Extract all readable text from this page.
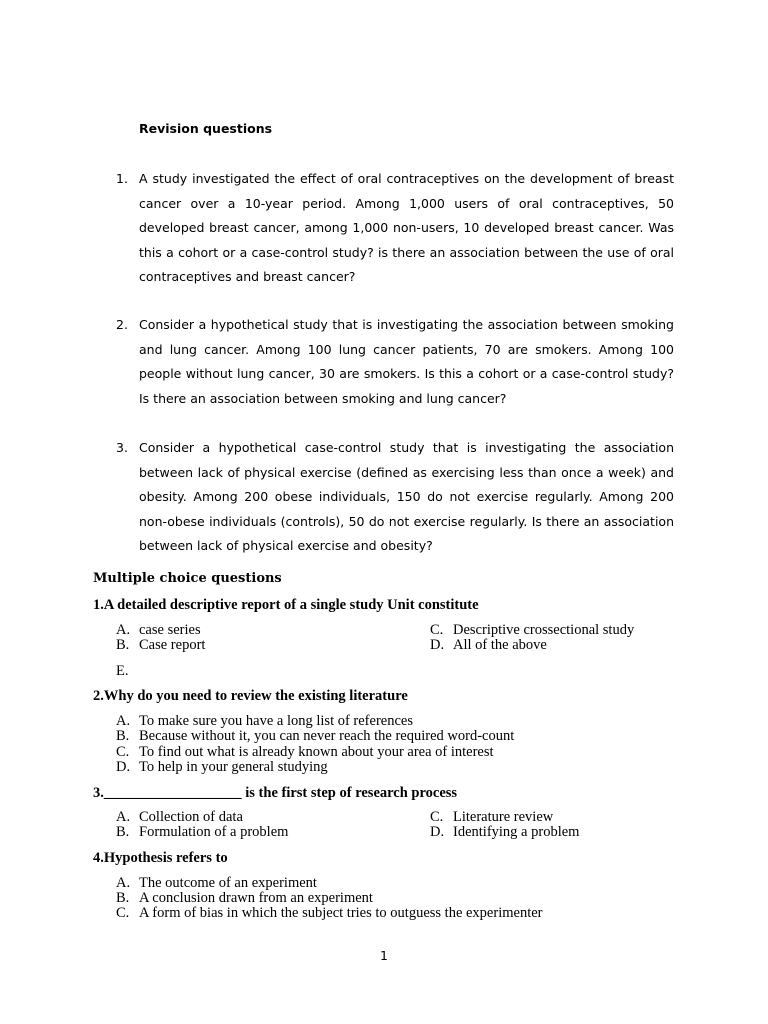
Revision questions
1. A study investigated the effect of oral contraceptives on the development of breast cancer over a 10-year period. Among 1,000 users of oral contraceptives, 50 developed breast cancer, among 1,000 non-users, 10 developed breast cancer. Was this a cohort or a case-control study? is there an association between the use of oral contraceptives and breast cancer?
2. Consider a hypothetical study that is investigating the association between smoking and lung cancer. Among 100 lung cancer patients, 70 are smokers. Among 100 people without lung cancer, 30 are smokers. Is this a cohort or a case-control study? Is there an association between smoking and lung cancer?
3. Consider a hypothetical case-control study that is investigating the association between lack of physical exercise (defined as exercising less than once a week) and obesity. Among 200 obese individuals, 150 do not exercise regularly. Among 200 non-obese individuals (controls), 50 do not exercise regularly. Is there an association between lack of physical exercise and obesity?
Multiple choice questions
1.A detailed descriptive report of a single study Unit constitute
A. case series
B. Case report
C. Descriptive crossectional study
D. All of the above
E.
2.Why do you need to review the existing literature
A. To make sure you have a long list of references
B. Because without it, you can never reach the required word-count
C. To find out what is already known about your area of interest
D. To help in your general studying
3.___________________ is the first step of research process
A. Collection of data
B. Formulation of a problem
C. Literature review
D. Identifying a problem
4.Hypothesis refers to
A. The outcome of an experiment
B. A conclusion drawn from an experiment
C. A form of bias in which the subject tries to outguess the experimenter
1
